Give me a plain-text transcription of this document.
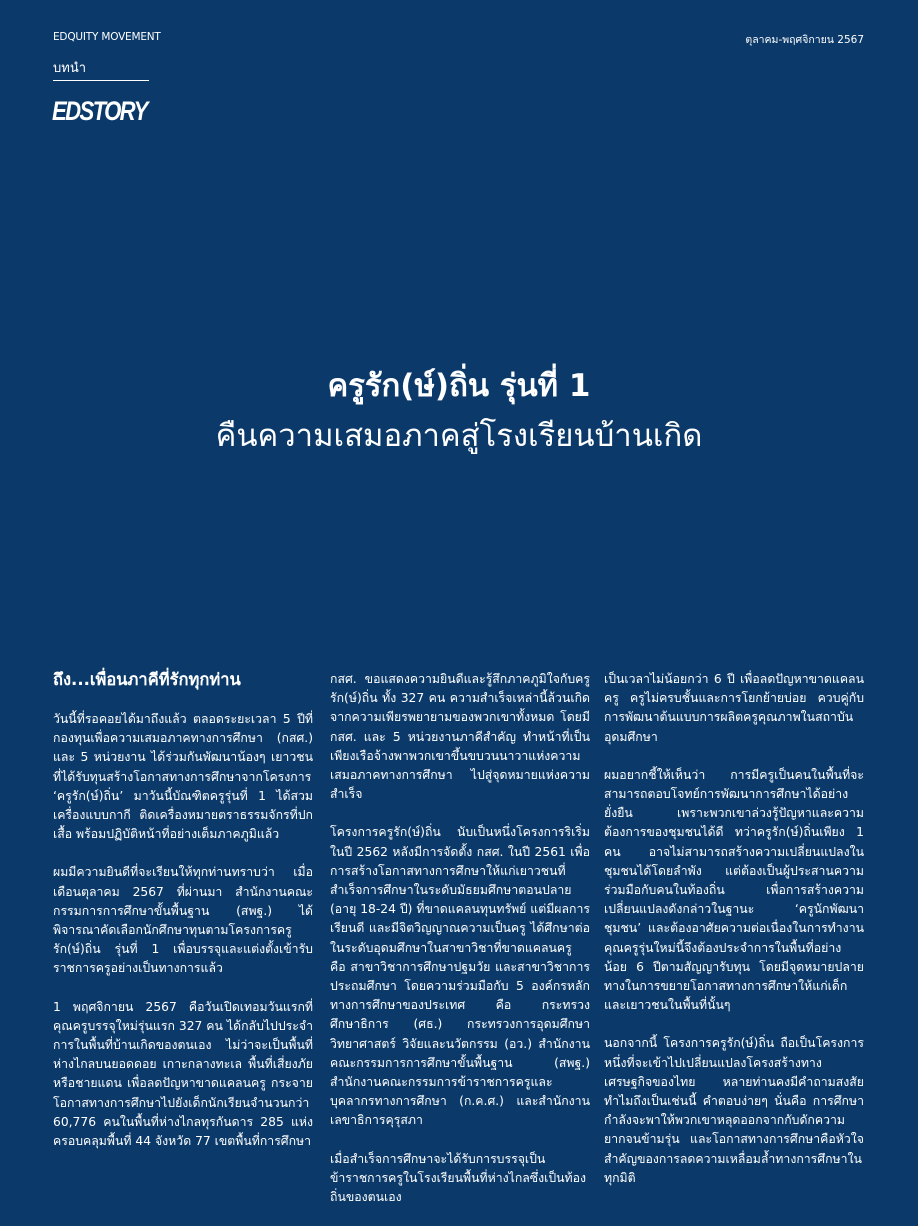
EDQUITY MOVEMENT	ตุลาคม-พฤศจิกายน 2567
บทนำ
EDSTORY
ครูรัก(ษ์)ถิ่น รุ่นที่ 1
คืนความเสมอภาคสู่โรงเรียนบ้านเกิด
ถึง...เพื่อนภาคีที่รักทุกท่าน

วันนี้ที่รอคอยได้มาถึงแล้ว ตลอดระยะเวลา 5 ปีที่กองทุนเพื่อความเสมอภาคทางการศึกษา (กสศ.) และ 5 หน่วยงาน ได้ร่วมกันพัฒนาน้องๆ เยาวชนที่ได้รับทุนสร้างโอกาสทางการศึกษาจากโครงการ ‘ครูรัก(ษ์)ถิ่น’ มาวันนี้บัณฑิตครูรุ่นที่ 1 ได้สวมเครื่องแบบกากี ติดเครื่องหมายตราธรรมจักรที่ปกเสื้อ พร้อมปฏิบัติหน้าที่อย่างเต็มภาคภูมิแล้ว

ผมมีความยินดีที่จะเรียนให้ทุกท่านทราบว่า เมื่อเดือนตุลาคม 2567 ที่ผ่านมา สำนักงานคณะกรรมการการศึกษาขั้นพื้นฐาน (สพฐ.) ได้พิจารณาคัดเลือกนักศึกษาทุนตามโครงการครูรัก(ษ์)ถิ่น รุ่นที่ 1 เพื่อบรรจุและแต่งตั้งเข้ารับราชการครูอย่างเป็นทางการแล้ว

1 พฤศจิกายน 2567 คือวันเปิดเทอมวันแรกที่คุณครูบรรจุใหม่รุ่นแรก 327 คน ได้กลับไปประจำการในพื้นที่บ้านเกิดของตนเอง ไม่ว่าจะเป็นพื้นที่ห่างไกลบนยอดดอย เกาะกลางทะเล พื้นที่เสี่ยงภัยหรือชายแดน เพื่อลดปัญหาขาดแคลนครู กระจายโอกาสทางการศึกษาไปยังเด็กนักเรียนจำนวนกว่า 60,776 คนในพื้นที่ห่างไกลทุรกันดาร 285 แห่ง ครอบคลุมพื้นที่ 44 จังหวัด 77 เขตพื้นที่การศึกษา

กสศ. ขอแสดงความยินดีและรู้สึกภาคภูมิใจกับครูรัก(ษ์)ถิ่น ทั้ง 327 คน ความสำเร็จเหล่านี้ล้วนเกิดจากความเพียรพยายามของพวกเขาทั้งหมด โดยมี กสศ. และ 5 หน่วยงานภาคีสำคัญ ทำหน้าที่เป็นเพียงเรือจ้างพาพวกเขาขึ้นขบวนนาวาแห่งความเสมอภาคทางการศึกษา ไปสู่จุดหมายแห่งความสำเร็จ

โครงการครูรัก(ษ์)ถิ่น นับเป็นหนึ่งโครงการริเริ่มในปี 2562 หลังมีการจัดตั้ง กสศ. ในปี 2561 เพื่อการสร้างโอกาสทางการศึกษาให้แก่เยาวชนที่สำเร็จการศึกษาในระดับมัธยมศึกษาตอนปลาย (อายุ 18-24 ปี) ที่ขาดแคลนทุนทรัพย์ แต่มีผลการเรียนดี และมีจิตวิญญาณความเป็นครู ได้ศึกษาต่อในระดับอุดมศึกษาในสาขาวิชาที่ขาดแคลนครู คือ สาขาวิชาการศึกษาปฐมวัย และสาขาวิชาการประถมศึกษา โดยความร่วมมือกับ 5 องค์กรหลักทางการศึกษาของประเทศ คือ กระทรวงศึกษาธิการ (ศธ.) กระทรวงการอุดมศึกษา วิทยาศาสตร์ วิจัยและนวัตกรรม (อว.) สำนักงานคณะกรรมการการศึกษาขั้นพื้นฐาน (สพฐ.) สำนักงานคณะกรรมการข้าราชการครูและบุคลากรทางการศึกษา (ก.ค.ศ.) และสำนักงานเลขาธิการคุรุสภา

เมื่อสำเร็จการศึกษาจะได้รับการบรรจุเป็นข้าราชการครูในโรงเรียนพื้นที่ห่างไกลซึ่งเป็นท้องถิ่นของตนเอง

เป็นเวลาไม่น้อยกว่า 6 ปี เพื่อลดปัญหาขาดแคลนครู ครูไม่ครบชั้นและการโยกย้ายบ่อย ควบคู่กับการพัฒนาต้นแบบการผลิตครูคุณภาพในสถาบันอุดมศึกษา

ผมอยากชี้ให้เห็นว่า การมีครูเป็นคนในพื้นที่จะสามารถตอบโจทย์การพัฒนาการศึกษาได้อย่างยั่งยืน เพราะพวกเขาล่วงรู้ปัญหาและความต้องการของชุมชนได้ดี ทว่าครูรัก(ษ์)ถิ่นเพียง 1 คน อาจไม่สามารถสร้างความเปลี่ยนแปลงในชุมชนได้โดยลำพัง แต่ต้องเป็นผู้ประสานความร่วมมือกับคนในท้องถิ่น เพื่อการสร้างความเปลี่ยนแปลงดังกล่าวในฐานะ ‘ครูนักพัฒนาชุมชน’ และต้องอาศัยความต่อเนื่องในการทำงาน คุณครูรุ่นใหม่นี้จึงต้องประจำการในพื้นที่อย่างน้อย 6 ปีตามสัญญารับทุน โดยมีจุดหมายปลายทางในการขยายโอกาสทางการศึกษาให้แก่เด็กและเยาวชนในพื้นที่นั้นๆ

นอกจากนี้ โครงการครูรัก(ษ์)ถิ่น ถือเป็นโครงการหนึ่งที่จะเข้าไปเปลี่ยนแปลงโครงสร้างทางเศรษฐกิจของไทย หลายท่านคงมีคำถามสงสัยทำไมถึงเป็นเช่นนี้ คำตอบง่ายๆ นั่นคือ การศึกษากำลังจะพาให้พวกเขาหลุดออกจากกับดักความยากจนข้ามรุ่น และโอกาสทางการศึกษาคือหัวใจสำคัญของการลดความเหลื่อมล้ำทางการศึกษาในทุกมิติ
